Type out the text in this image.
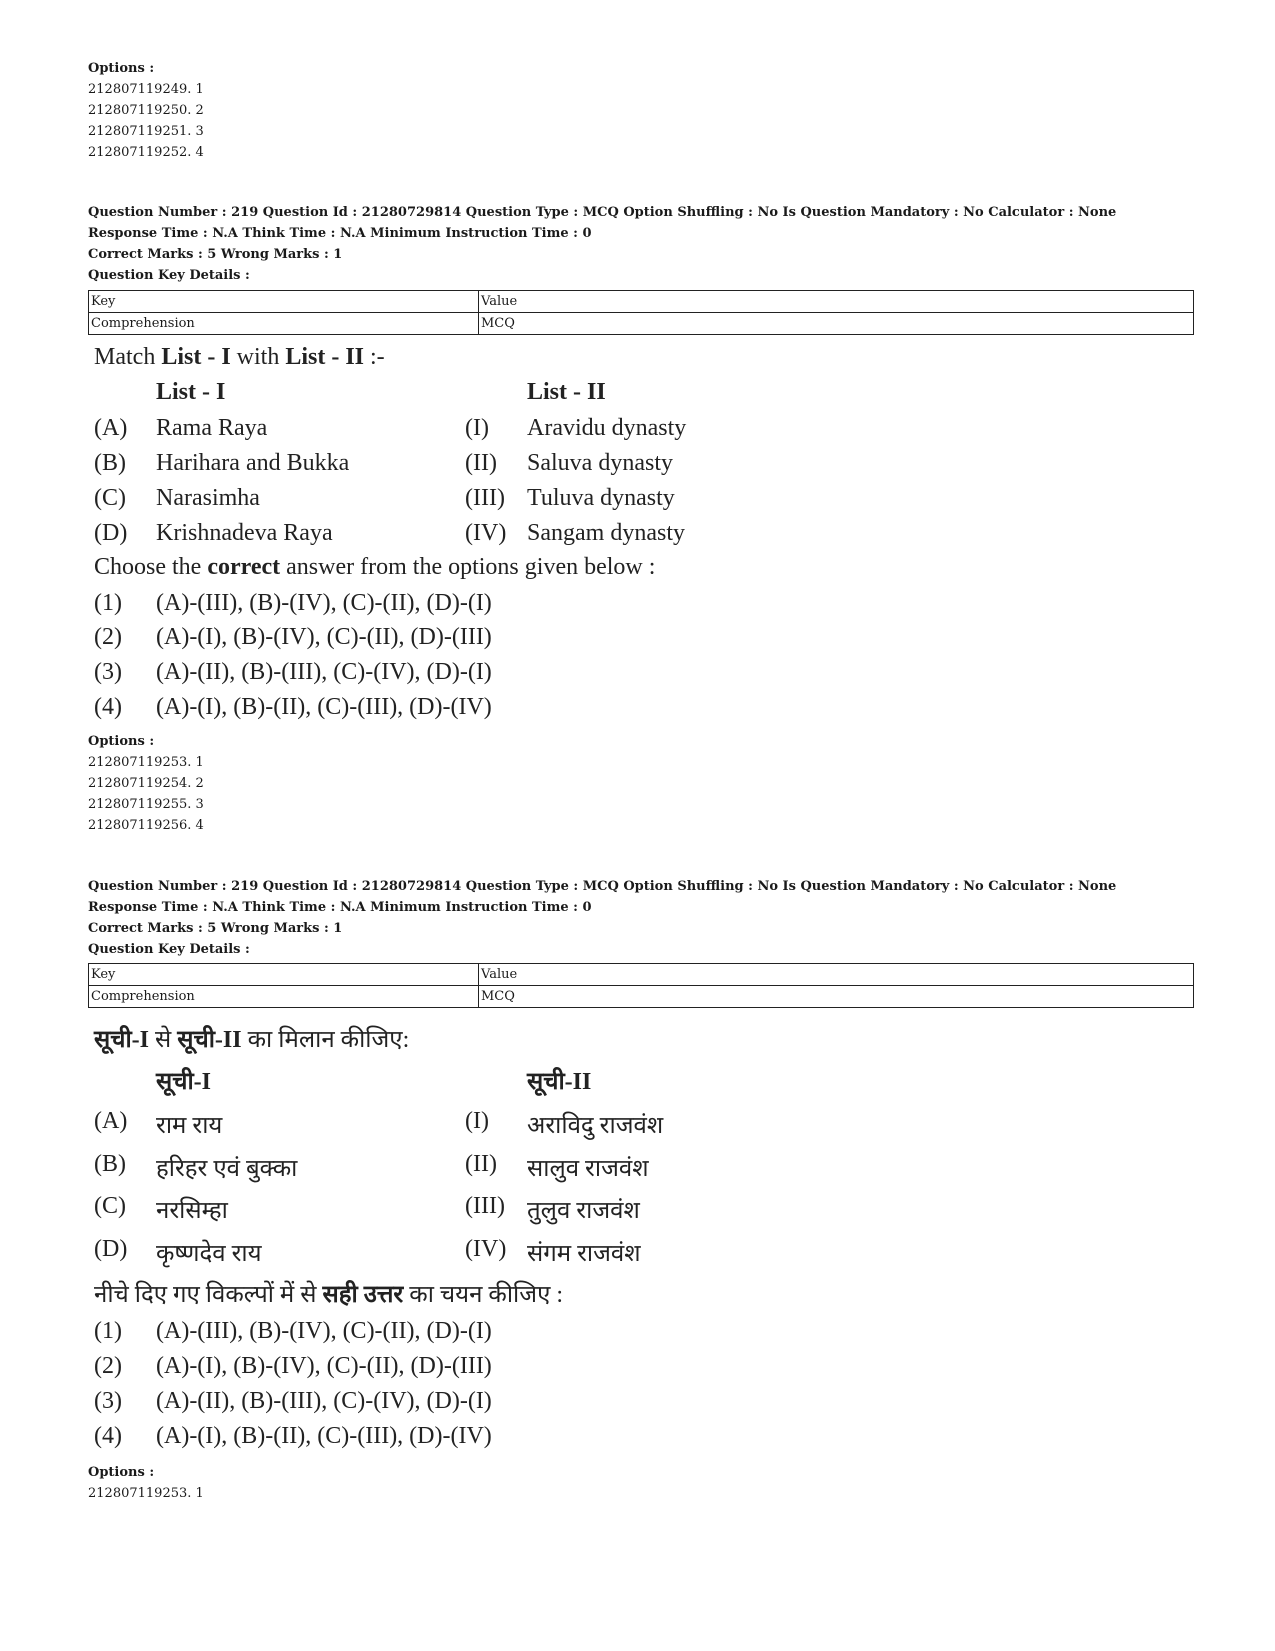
Options :
212807119249. 1
212807119250. 2
212807119251. 3
212807119252. 4
Question Number : 219 Question Id : 21280729814 Question Type : MCQ Option Shuffling : No Is Question Mandatory : No Calculator : None
Response Time : N.A Think Time : N.A Minimum Instruction Time : 0
Correct Marks : 5 Wrong Marks : 1
Question Key Details :
Key	Value
Comprehension	MCQ
Match List - I with List - II :-
List - I	List - II
(A) Rama Raya	(I) Aravidu dynasty
(B) Harihara and Bukka	(II) Saluva dynasty
(C) Narasimha	(III) Tuluva dynasty
(D) Krishnadeva Raya	(IV) Sangam dynasty
Choose the correct answer from the options given below :
(1) (A)-(III), (B)-(IV), (C)-(II), (D)-(I)
(2) (A)-(I), (B)-(IV), (C)-(II), (D)-(III)
(3) (A)-(II), (B)-(III), (C)-(IV), (D)-(I)
(4) (A)-(I), (B)-(II), (C)-(III), (D)-(IV)
Options :
212807119253. 1
212807119254. 2
212807119255. 3
212807119256. 4
Question Number : 219 Question Id : 21280729814 Question Type : MCQ Option Shuffling : No Is Question Mandatory : No Calculator : None
Response Time : N.A Think Time : N.A Minimum Instruction Time : 0
Correct Marks : 5 Wrong Marks : 1
Question Key Details :
Key	Value
Comprehension	MCQ
सूची-I से सूची-II का मिलान कीजिए:
सूची-I	सूची-II
(A) राम राय	(I) अराविदु राजवंश
(B) हरिहर एवं बुक्का	(II) सालुव राजवंश
(C) नरसिम्हा	(III) तुलुव राजवंश
(D) कृष्णदेव राय	(IV) संगम राजवंश
नीचे दिए गए विकल्पों में से सही उत्तर का चयन कीजिए :
(1) (A)-(III), (B)-(IV), (C)-(II), (D)-(I)
(2) (A)-(I), (B)-(IV), (C)-(II), (D)-(III)
(3) (A)-(II), (B)-(III), (C)-(IV), (D)-(I)
(4) (A)-(I), (B)-(II), (C)-(III), (D)-(IV)
Options :
212807119253. 1
